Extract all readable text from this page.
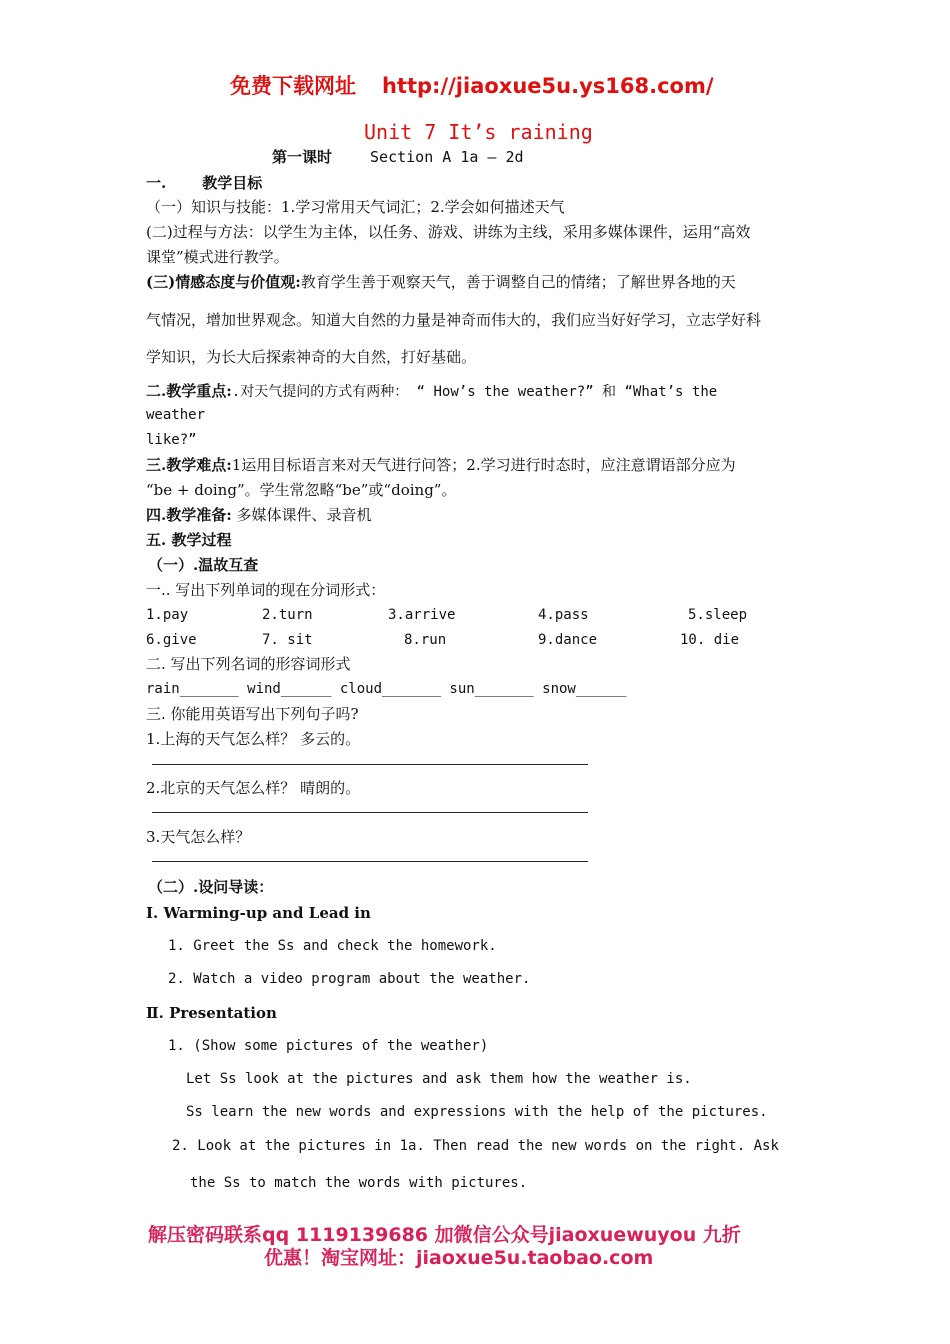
免费下载网址 http://jiaoxue5u.ys168.com/
Unit 7 It’s raining
第一课时	Section A 1a – 2d
一. 教学目标
（一）知识与技能：1.学习常用天气词汇；2.学会如何描述天气
(二)过程与方法：以学生为主体，以任务、游戏、讲练为主线，采用多媒体课件，运用“高效
课堂”模式进行教学。
(三)情感态度与价值观:教育学生善于观察天气，善于调整自己的情绪；了解世界各地的天
气情况，增加世界观念。知道大自然的力量是神奇而伟大的，我们应当好好学习，立志学好科
学知识，为长大后探索神奇的大自然，打好基础。
二.教学重点:.对天气提问的方式有两种： “ How’s the weather?” 和 “What’s the
weather
like?”
三.教学难点:1运用目标语言来对天气进行问答；2.学习进行时态时，应注意谓语部分应为
“be + doing”。学生常忽略“be”或“doing”。
四.教学准备: 多媒体课件、录音机
五. 教学过程
（一）.温故互查
一.. 写出下列单词的现在分词形式：
1.pay	2.turn	3.arrive	4.pass	5.sleep
6.give	7. sit	8.run	9.dance	10. die
二. 写出下列名词的形容词形式
rain_______ wind______ cloud_______ sun_______ snow______
三. 你能用英语写出下列句子吗?
1.上海的天气怎么样？ 多云的。
2.北京的天气怎么样？ 晴朗的。
3.天气怎么样？
（二）.设问导读：
Ⅰ. Warming-up and Lead in
1. Greet the Ss and check the homework.
2. Watch a video program about the weather.
Ⅱ. Presentation
1. (Show some pictures of the weather)
Let Ss look at the pictures and ask them how the weather is.
Ss learn the new words and expressions with the help of the pictures.
2. Look at the pictures in 1a. Then read the new words on the right. Ask
the Ss to match the words with pictures.
解压密码联系qq 1119139686 加微信公众号jiaoxuewuyou 九折
优惠！淘宝网址：jiaoxue5u.taobao.com
